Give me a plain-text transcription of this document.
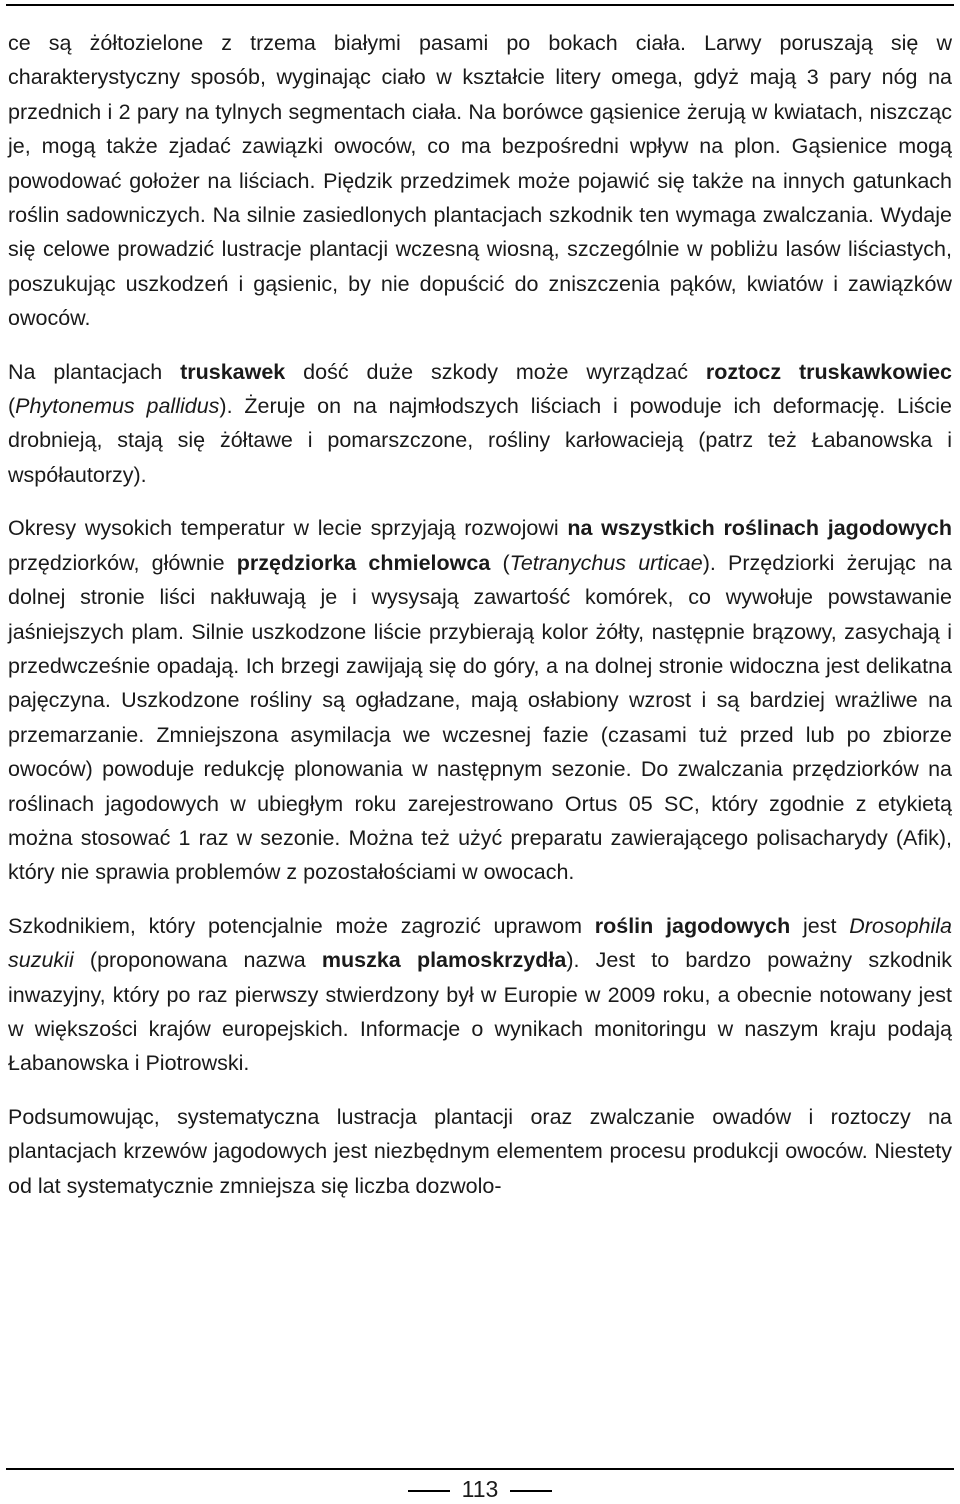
ce są żółtozielone z trzema białymi pasami po bokach ciała. Larwy poruszają się w charakterystyczny sposób, wyginając ciało w kształcie litery omega, gdyż mają 3 pary nóg na przednich i 2 pary na tylnych segmentach ciała. Na borówce gąsienice żerują w kwiatach, niszcząc je, mogą także zjadać zawiązki owoców, co ma bezpośredni wpływ na plon. Gąsienice mogą powodować gołożer na liściach. Piędzik przedzimek może pojawić się także na innych gatunkach roślin sadowniczych. Na silnie zasiedlonych plantacjach szkodnik ten wymaga zwalczania. Wydaje się celowe prowadzić lustracje plantacji wczesną wiosną, szczególnie w pobliżu lasów liściastych, poszukując uszkodzeń i gąsienic, by nie dopuścić do zniszczenia pąków, kwiatów i zawiązków owoców.

Na plantacjach truskawek dość duże szkody może wyrządzać roztocz truskawkowiec (Phytonemus pallidus). Żeruje on na najmłodszych liściach i powoduje ich deformację. Liście drobnieją, stają się żółtawe i pomarszczone, rośliny karłowacieją (patrz też Łabanowska i współautorzy).

Okresy wysokich temperatur w lecie sprzyjają rozwojowi na wszystkich roślinach jagodowych przędziorków, głównie przędziorka chmielowca (Tetranychus urticae). Przędziorki żerując na dolnej stronie liści nakłuwają je i wysysają zawartość komórek, co wywołuje powstawanie jaśniejszych plam. Silnie uszkodzone liście przybierają kolor żółty, następnie brązowy, zasychają i przedwcześnie opadają. Ich brzegi zawijają się do góry, a na dolnej stronie widoczna jest delikatna pajęczyna. Uszkodzone rośliny są ogładzane, mają osłabiony wzrost i są bardziej wrażliwe na przemarzanie. Zmniejszona asymilacja we wczesnej fazie (czasami tuż przed lub po zbiorze owoców) powoduje redukcję plonowania w następnym sezonie. Do zwalczania przędziorków na roślinach jagodowych w ubiegłym roku zarejestrowano Ortus 05 SC, który zgodnie z etykietą można stosować 1 raz w sezonie. Można też użyć preparatu zawierającego polisacharydy (Afik), który nie sprawia problemów z pozostałościami w owocach.

Szkodnikiem, który potencjalnie może zagrozić uprawom roślin jagodowych jest Drosophila suzukii (proponowana nazwa muszka plamoskrzydła). Jest to bardzo poważny szkodnik inwazyjny, który po raz pierwszy stwierdzony był w Europie w 2009 roku, a obecnie notowany jest w większości krajów europejskich. Informacje o wynikach monitoringu w naszym kraju podają Łabanowska i Piotrowski.

Podsumowując, systematyczna lustracja plantacji oraz zwalczanie owadów i roztoczy na plantacjach krzewów jagodowych jest niezbędnym elementem procesu produkcji owoców. Niestety od lat systematycznie zmniejsza się liczba dozwolo-

113
